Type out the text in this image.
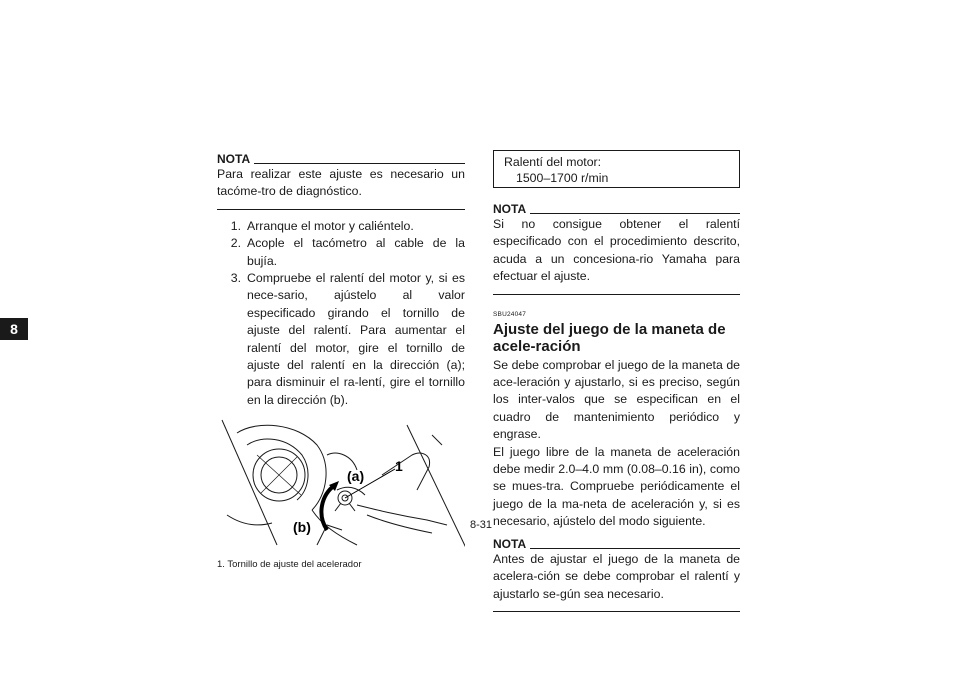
8
NOTA
Para realizar este ajuste es necesario un tacóme-tro de diagnóstico.
1. Arranque el motor y caliéntelo.
2. Acople el tacómetro al cable de la bujía.
3. Compruebe el ralentí del motor y, si es nece-sario, ajústelo al valor especificado girando el tornillo de ajuste del ralentí. Para aumentar el ralentí del motor, gire el tornillo de ajuste del ralentí en la dirección (a); para disminuir el ra-lentí, gire el tornillo en la dirección (b).
1
(a)
(b)
1. Tornillo de ajuste del acelerador
Ralentí del motor:
1500–1700 r/min
NOTA
Si no consigue obtener el ralentí especificado con el procedimiento descrito, acuda a un concesiona-rio Yamaha para efectuar el ajuste.
SBU24047
Ajuste del juego de la maneta de acele-ración
Se debe comprobar el juego de la maneta de ace-leración y ajustarlo, si es preciso, según los inter-valos que se especifican en el cuadro de mantenimiento periódico y engrase.
El juego libre de la maneta de aceleración debe medir 2.0–4.0 mm (0.08–0.16 in), como se mues-tra. Compruebe periódicamente el juego de la ma-neta de aceleración y, si es necesario, ajústelo del modo siguiente.
NOTA
Antes de ajustar el juego de la maneta de acelera-ción se debe comprobar el ralentí y ajustarlo se-gún sea necesario.
8-31
